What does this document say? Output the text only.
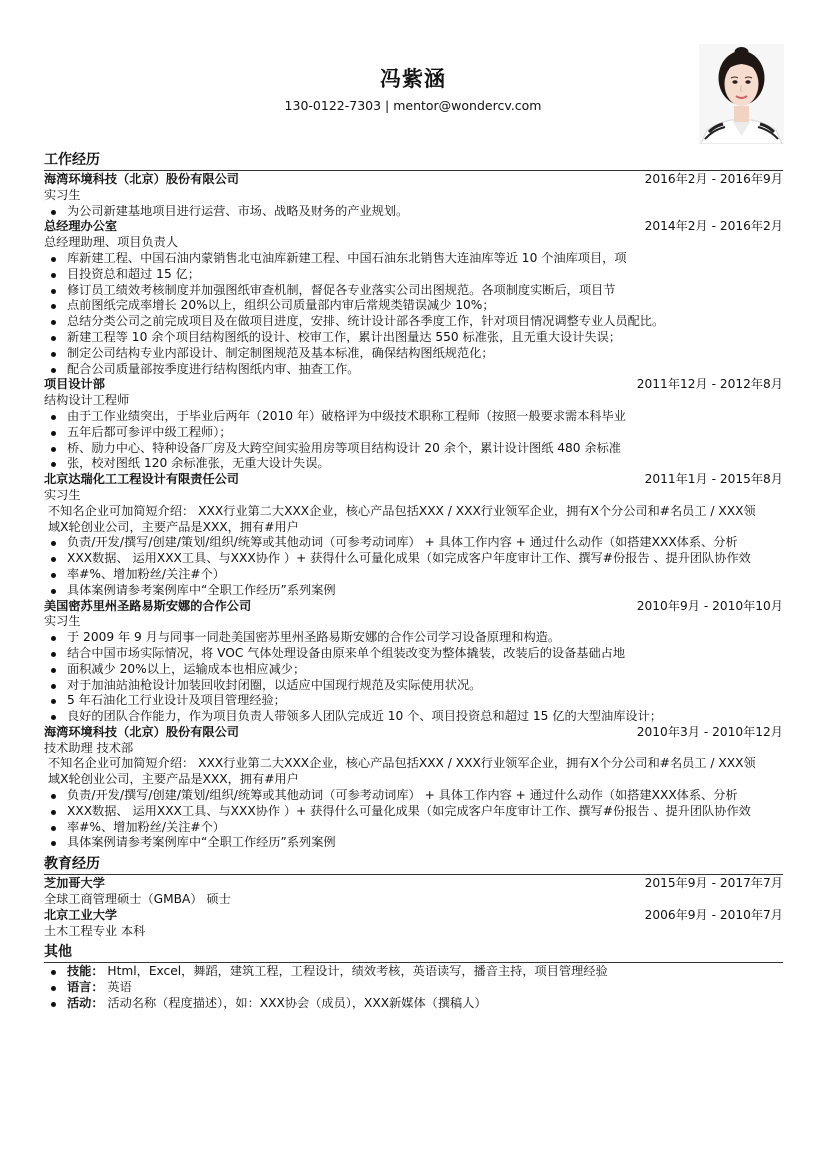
冯紫涵
130-0122-7303 | mentor@wondercv.com
工作经历
海湾环境科技（北京）股份有限公司	2016年2月 - 2016年9月
实习生
为公司新建基地项目进行运营、市场、战略及财务的产业规划。
总经理办公室	2014年2月 - 2016年2月
总经理助理、项目负责人
库新建工程、中国石油内蒙销售北屯油库新建工程、中国石油东北销售大连油库等近 10 个油库项目，项
目投资总和超过 15 亿；
修订员工绩效考核制度并加强图纸审查机制，督促各专业落实公司出图规范。各项制度实断后，项目节
点前图纸完成率增长 20%以上，组织公司质量部内审后常规类错误减少 10%；
总结分类公司之前完成项目及在做项目进度，安排、统计设计部各季度工作，针对项目情况调整专业人员配比。
新建工程等 10 余个项目结构图纸的设计、校审工作，累计出图量达 550 标准张，且无重大设计失误；
制定公司结构专业内部设计、制定制图规范及基本标准，确保结构图纸规范化；
配合公司质量部按季度进行结构图纸内审、抽查工作。
项目设计部	2011年12月 - 2012年8月
结构设计工程师
由于工作业绩突出，于毕业后两年（2010 年）破格评为中级技术职称工程师（按照一般要求需本科毕业
五年后都可参评中级工程师）；
桥、励力中心、特种设备厂房及大跨空间实验用房等项目结构设计 20 余个，累计设计图纸 480 余标准
张，校对图纸 120 余标准张，无重大设计失误。
北京达瑞化工工程设计有限责任公司	2011年1月 - 2015年8月
实习生
不知名企业可加简短介绍： XXX行业第二大XXX企业，核心产品包括XXX / XXX行业领军企业，拥有X个分公司和#名员工 / XXX领
域X轮创业公司，主要产品是XXX，拥有#用户
负责/开发/撰写/创建/策划/组织/统筹或其他动词（可参考动词库） + 具体工作内容 + 通过什么动作（如搭建XXX体系、分析
XXX数据、 运用XXX工具、与XXX协作 ）+ 获得什么可量化成果（如完成客户年度审计工作、撰写#份报告 、提升团队协作效
率#%、增加粉丝/关注#个）
具体案例请参考案例库中“全职工作经历”系列案例
美国密苏里州圣路易斯安娜的合作公司	2010年9月 - 2010年10月
实习生
于 2009 年 9 月与同事一同赴美国密苏里州圣路易斯安娜的合作公司学习设备原理和构造。
结合中国市场实际情况，将 VOC 气体处理设备由原来单个组装改变为整体撬装，改装后的设备基础占地
面积减少 20%以上，运输成本也相应减少；
对于加油站油枪设计加装回收封闭圈，以适应中国现行规范及实际使用状况。
5 年石油化工行业设计及项目管理经验；
良好的团队合作能力，作为项目负责人带领多人团队完成近 10 个、项目投资总和超过 15 亿的大型油库设计；
海湾环境科技（北京）股份有限公司	2010年3月 - 2010年12月
技术助理 技术部
不知名企业可加简短介绍： XXX行业第二大XXX企业，核心产品包括XXX / XXX行业领军企业，拥有X个分公司和#名员工 / XXX领
域X轮创业公司，主要产品是XXX，拥有#用户
负责/开发/撰写/创建/策划/组织/统筹或其他动词（可参考动词库） + 具体工作内容 + 通过什么动作（如搭建XXX体系、分析
XXX数据、 运用XXX工具、与XXX协作 ）+ 获得什么可量化成果（如完成客户年度审计工作、撰写#份报告 、提升团队协作效
率#%、增加粉丝/关注#个）
具体案例请参考案例库中“全职工作经历”系列案例
教育经历
芝加哥大学	2015年9月 - 2017年7月
全球工商管理硕士（GMBA） 硕士
北京工业大学	2006年9月 - 2010年7月
土木工程专业 本科
其他
技能： Html，Excel，舞蹈，建筑工程，工程设计，绩效考核，英语读写，播音主持，项目管理经验
语言： 英语
活动： 活动名称（程度描述），如：XXX协会（成员），XXX新媒体（撰稿人）
